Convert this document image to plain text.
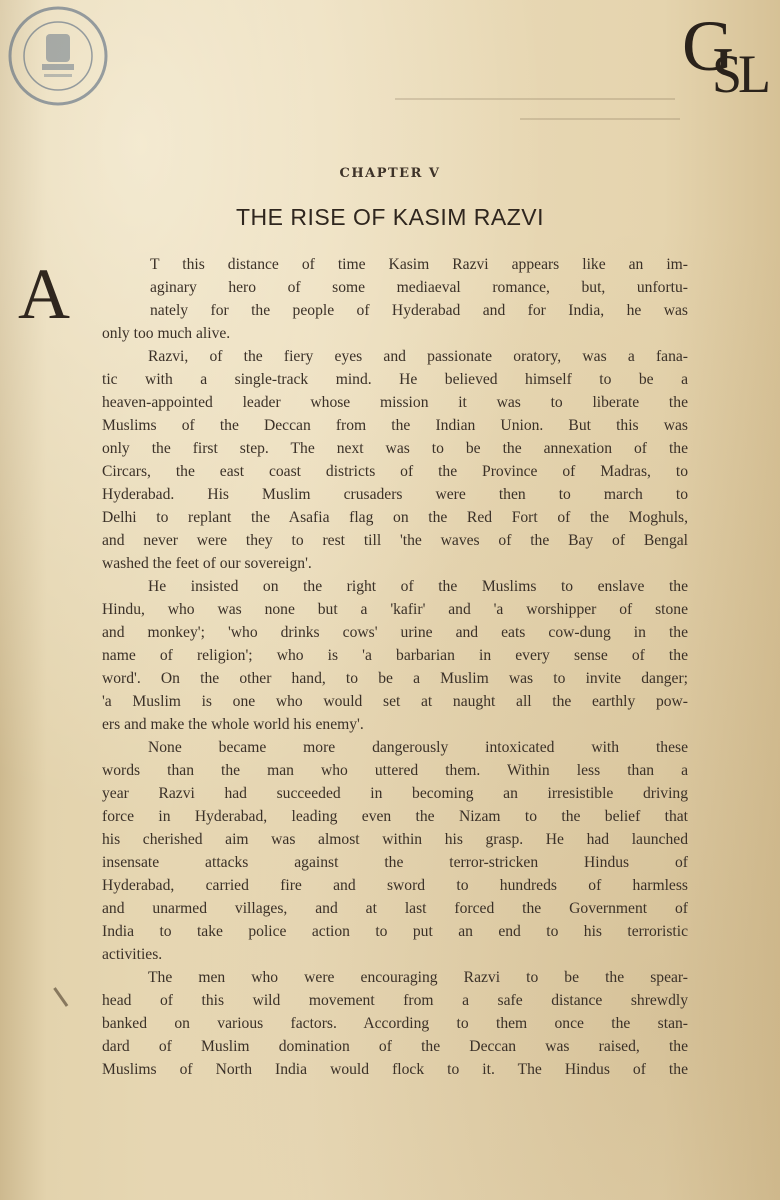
$G_{SL}$
CHAPTER V
THE RISE OF KASIM RAZVI
A	T this distance of time Kasim Razvi appears like an im-
aginary hero of some mediaeval romance, but, unfortu-
nately for the people of Hyderabad and for India, he was
only too much alive.
Razvi, of the fiery eyes and passionate oratory, was a fana-
tic with a single-track mind. He believed himself to be a
heaven-appointed leader whose mission it was to liberate the
Muslims of the Deccan from the Indian Union. But this was
only the first step. The next was to be the annexation of the
Circars, the east coast districts of the Province of Madras, to
Hyderabad. His Muslim crusaders were then to march to
Delhi to replant the Asafia flag on the Red Fort of the Moghuls,
and never were they to rest till 'the waves of the Bay of Bengal
washed the feet of our sovereign'.
He insisted on the right of the Muslims to enslave the
Hindu, who was none but a 'kafir' and 'a worshipper of stone
and monkey'; 'who drinks cows' urine and eats cow-dung in the
name of religion'; who is 'a barbarian in every sense of the
word'. On the other hand, to be a Muslim was to invite danger;
'a Muslim is one who would set at naught all the earthly pow-
ers and make the whole world his enemy'.
None became more dangerously intoxicated with these
words than the man who uttered them. Within less than a
year Razvi had succeeded in becoming an irresistible driving
force in Hyderabad, leading even the Nizam to the belief that
his cherished aim was almost within his grasp. He had launched
insensate attacks against the terror-stricken Hindus of
Hyderabad, carried fire and sword to hundreds of harmless
and unarmed villages, and at last forced the Government of
India to take police action to put an end to his terroristic
activities.
The men who were encouraging Razvi to be the spear-
head of this wild movement from a safe distance shrewdly
banked on various factors. According to them once the stan-
dard of Muslim domination of the Deccan was raised, the
Muslims of North India would flock to it. The Hindus of the
